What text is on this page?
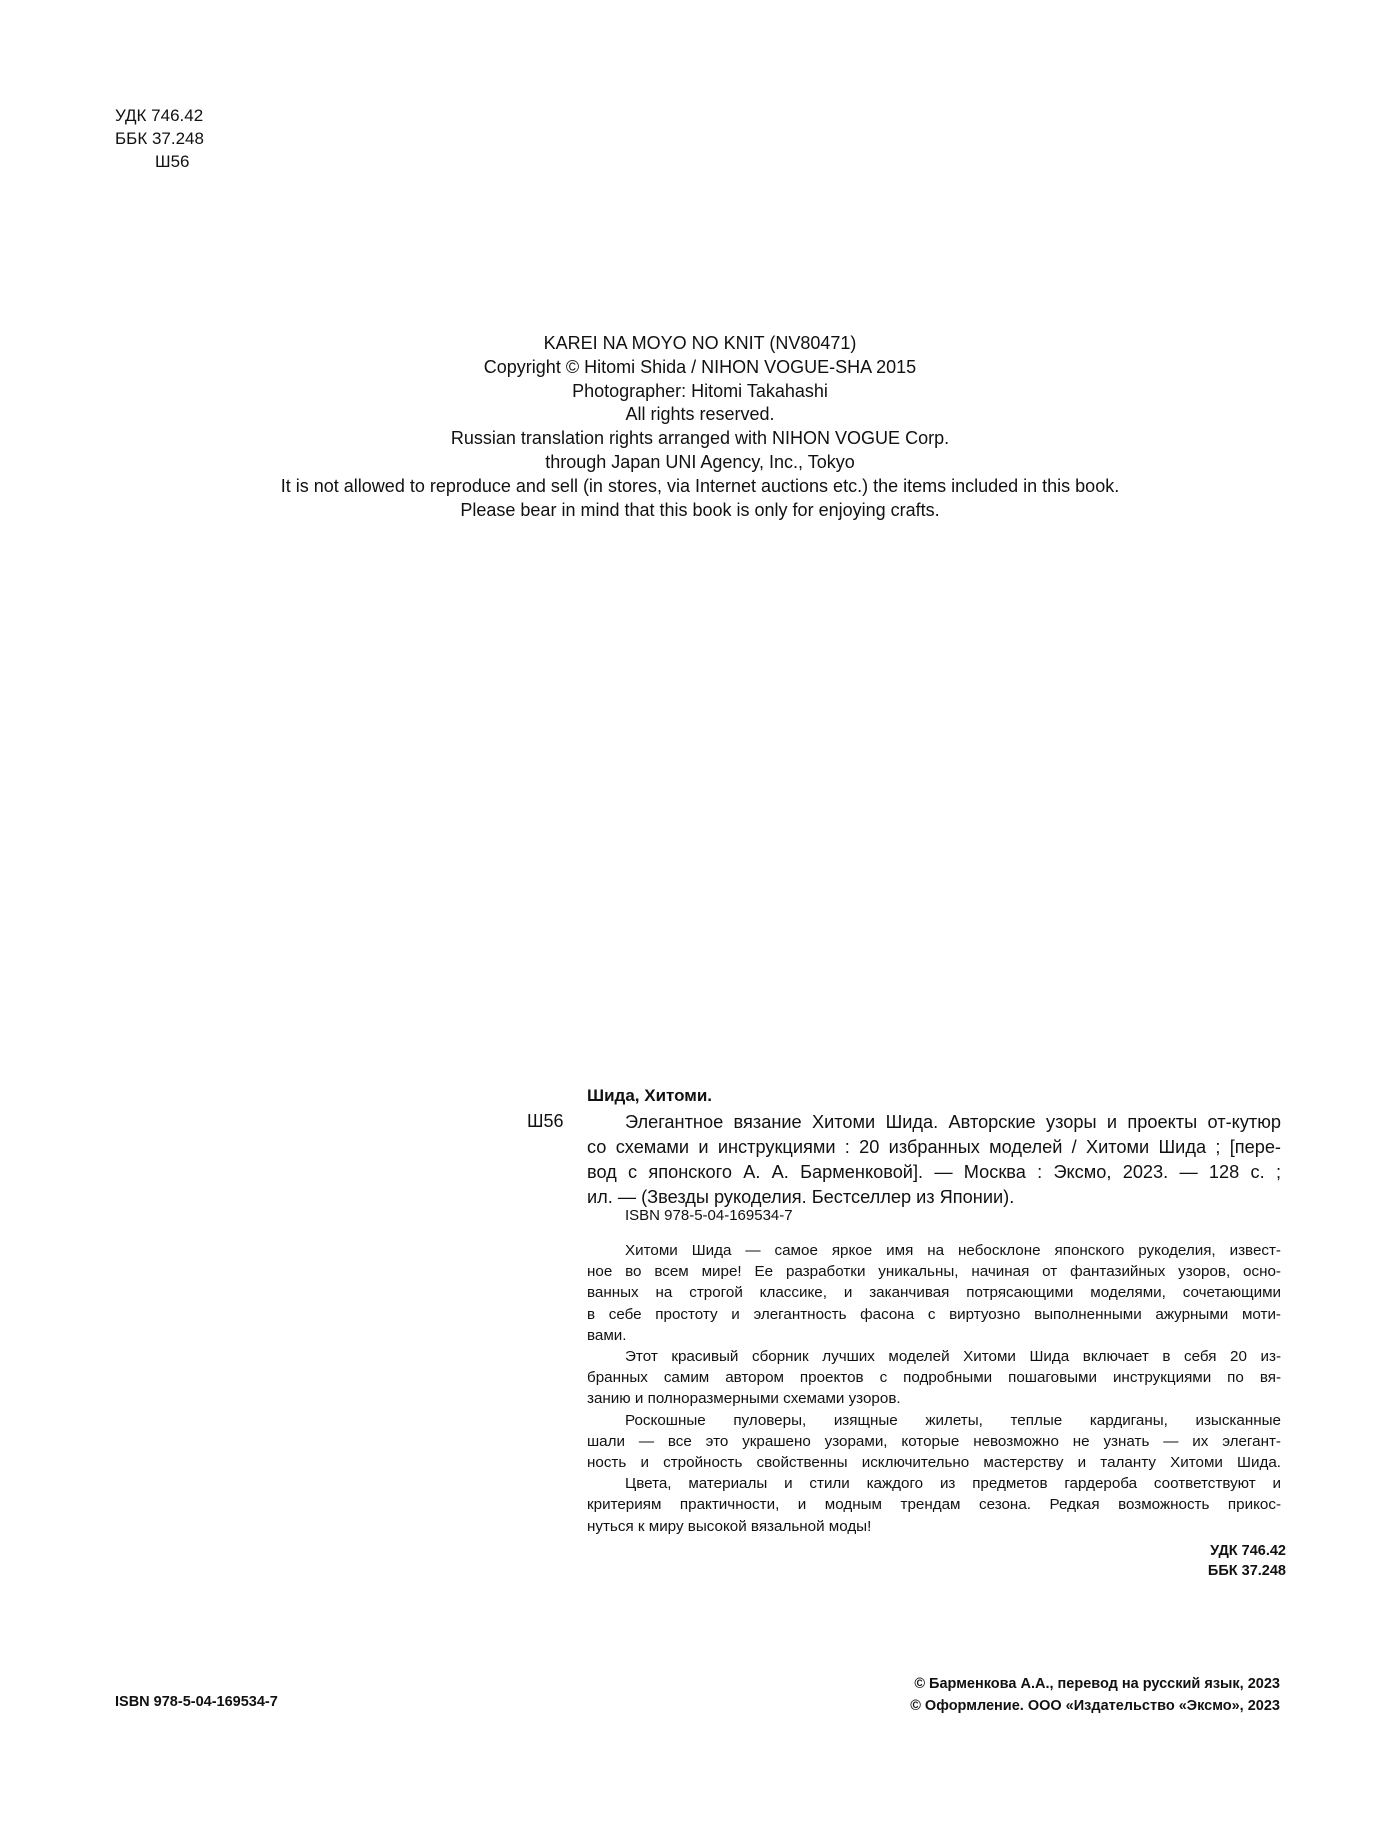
УДК 746.42
ББК 37.248
Ш56
KAREI NA MOYO NO KNIT (NV80471)
Copyright © Hitomi Shida / NIHON VOGUE-SHA 2015
Photographer: Hitomi Takahashi
All rights reserved.
Russian translation rights arranged with NIHON VOGUE Corp.
through Japan UNI Agency, Inc., Tokyo
It is not allowed to reproduce and sell (in stores, via Internet auctions etc.) the items included in this book.
Please bear in mind that this book is only for enjoying crafts.
Шида, Хитоми.
Ш56	Элегантное вязание Хитоми Шида. Авторские узоры и проекты от-кутюр
со схемами и инструкциями : 20 избранных моделей / Хитоми Шида ; [пере-
вод с японского А. А. Барменковой]. — Москва : Эксмо, 2023. — 128 с. ;
ил. — (Звезды рукоделия. Бестселлер из Японии).
ISBN 978-5-04-169534-7
Хитоми Шида — самое яркое имя на небосклоне японского рукоделия, извест-
ное во всем мире! Ее разработки уникальны, начиная от фантазийных узоров, осно-
ванных на строгой классике, и заканчивая потрясающими моделями, сочетающими
в себе простоту и элегантность фасона с виртуозно выполненными ажурными моти-
вами.
Этот красивый сборник лучших моделей Хитоми Шида включает в себя 20 из-
бранных самим автором проектов с подробными пошаговыми инструкциями по вя-
занию и полноразмерными схемами узоров.
Роскошные пуловеры, изящные жилеты, теплые кардиганы, изысканные
шали — все это украшено узорами, которые невозможно не узнать — их элегант-
ность и стройность свойственны исключительно мастерству и таланту Хитоми Шида.
Цвета, материалы и стили каждого из предметов гардероба соответствуют и
критериям практичности, и модным трендам сезона. Редкая возможность прикос-
нуться к миру высокой вязальной моды!
УДК 746.42
ББК 37.248
ISBN 978-5-04-169534-7
© Барменкова А.А., перевод на русский язык, 2023
© Оформление. ООО «Издательство «Эксмо», 2023
